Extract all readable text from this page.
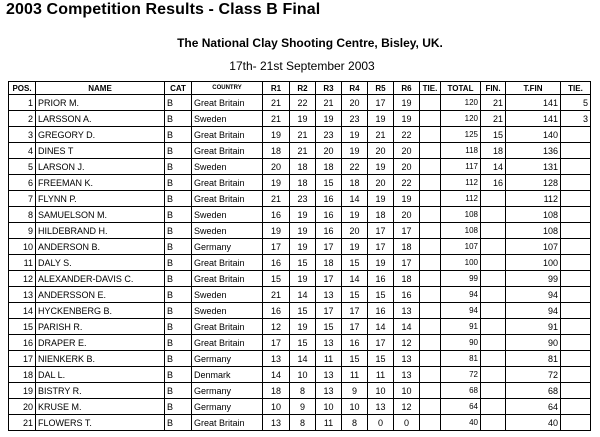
2003 Competition Results - Class B Final
The National Clay Shooting Centre, Bisley, UK.
17th- 21st September 2003
POS.	NAME	CAT	COUNTRY	R1	R2	R3	R4	R5	R6	TIE.	TOTAL	FIN.	T.FIN	TIE.
1	PRIOR M.	B	Great Britain	21	22	21	20	17	19		120	21	141	5
2	LARSSON A.	B	Sweden	21	19	19	23	19	19		120	21	141	3
3	GREGORY D.	B	Great Britain	19	21	23	19	21	22		125	15	140	
4	DINES T	B	Great Britain	18	21	20	19	20	20		118	18	136	
5	LARSON J.	B	Sweden	20	18	18	22	19	20		117	14	131	
6	FREEMAN K.	B	Great Britain	19	18	15	18	20	22		112	16	128	
7	FLYNN P.	B	Great Britain	21	23	16	14	19	19		112		112	
8	SAMUELSON M.	B	Sweden	16	19	16	19	18	20		108		108	
9	HILDEBRAND H.	B	Sweden	19	19	16	20	17	17		108		108	
10	ANDERSON B.	B	Germany	17	19	17	19	17	18		107		107	
11	DALY S.	B	Great Britain	16	15	18	15	19	17		100		100	
12	ALEXANDER-DAVIS C.	B	Great Britain	15	19	17	14	16	18		99		99	
13	ANDERSSON E.	B	Sweden	21	14	13	15	15	16		94		94	
14	HYCKENBERG B.	B	Sweden	16	15	17	17	16	13		94		94	
15	PARISH R.	B	Great Britain	12	19	15	17	14	14		91		91	
16	DRAPER E.	B	Great Britain	17	15	13	16	17	12		90		90	
17	NIENKERK B.	B	Germany	13	14	11	15	15	13		81		81	
18	DAL L.	B	Denmark	14	10	13	11	11	13		72		72	
19	BISTRY R.	B	Germany	18	8	13	9	10	10		68		68	
20	KRUSE M.	B	Germany	10	9	10	10	13	12		64		64	
21	FLOWERS T.	B	Great Britain	13	8	11	8	0	0		40		40	
